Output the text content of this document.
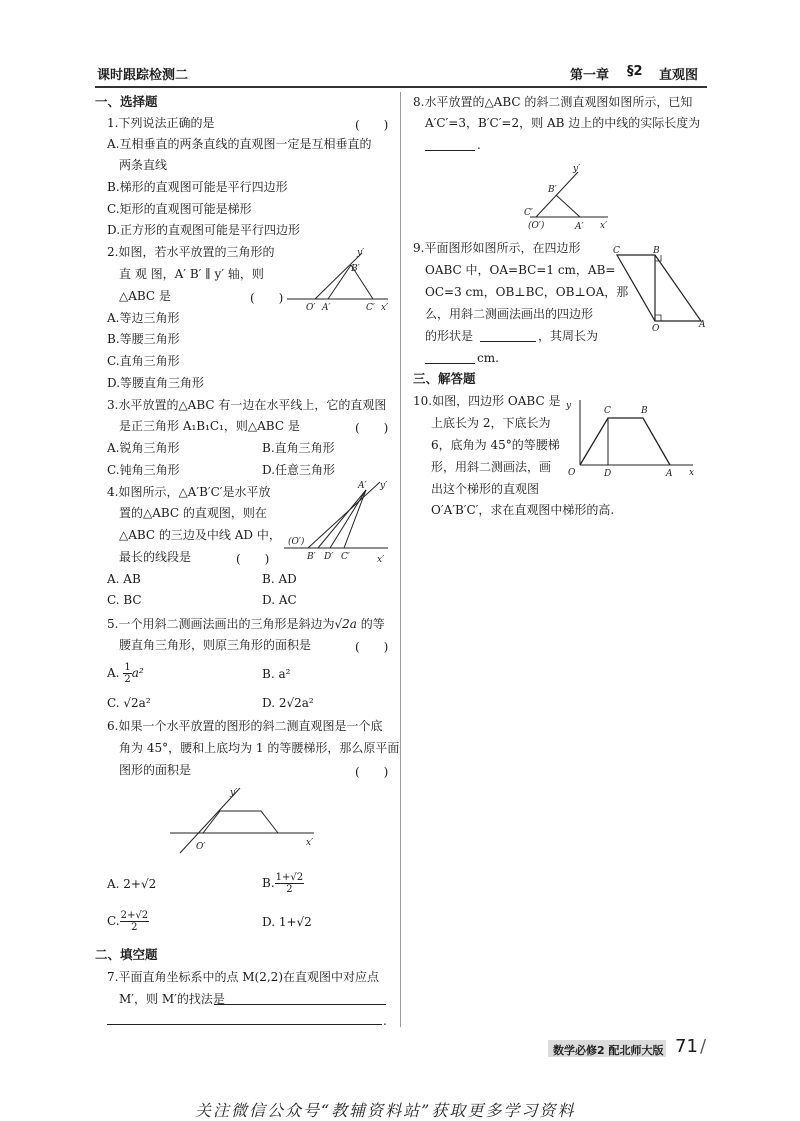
课时跟踪检测二	第一章 §2 直观图
一、选择题
1.下列说法正确的是	(　　)
A.互相垂直的两条直线的直观图一定是互相垂直的
两条直线
B.梯形的直观图可能是平行四边形
C.矩形的直观图可能是梯形
D.正方形的直观图可能是平行四边形
2.如图，若水平放置的三角形的
直 观 图，A′ B′ ∥ y′ 轴，则
△ABC 是	(　　)
A.等边三角形
B.等腰三角形
C.直角三角形
D.等腰直角三角形
y′
B′
O′ A′	C′ x′
3.水平放置的△ABC 有一边在水平线上，它的直观图
是正三角形 A₁B₁C₁，则△ABC 是	(　　)
A.锐角三角形	B.直角三角形
C.钝角三角形	D.任意三角形
4.如图所示，△A′B′C′是水平放
置的△ABC 的直观图，则在
△ABC 的三边及中线 AD 中，
最长的线段是	(　　)
A. AB	B. AD
C. BC	D. AC
A′ y′
(O′)
B′ D′ C′	x′
5.一个用斜二测画法画出的三角形是斜边为√2a 的等
腰直角三角形，则原三角形的面积是	(　　)
A. $\frac{1}{2} a^2$	B. a²
C. √2a²	D. 2√2a²
6.如果一个水平放置的图形的斜二测直观图是一个底
角为 45°，腰和上底均为 1 的等腰梯形，那么原平面
图形的面积是	(　　)
y′
O′	x′
A. 2+√2	B. $\frac{1+√2}{2}$
C. $\frac{2+√2}{2}$	D. 1+√2
二、填空题
7.平面直角坐标系中的点 M(2,2)在直观图中对应点
M′，则 M′的找法是
.
8.水平放置的△ABC 的斜二测直观图如图所示，已知
A′C′=3，B′C′=2，则 AB 边上的中线的实际长度为
.
y′
B′
C′
(O′)	A′ x′
9.平面图形如图所示，在四边形
OABC 中，OA=BC=1 cm，AB=
OC=3 cm，OB⊥BC，OB⊥OA，那
么，用斜二测画法画出的四边形
的形状是	，其周长为
cm.
C	B
O	A
三、解答题
10.如图，四边形 OABC 是
上底长为 2，下底长为
6，底角为 45°的等腰梯
形，用斜二测画法，画
出这个梯形的直观图
O′A′B′C′，求在直观图中梯形的高.
y	C	B
O	D	A x
数学必修2 配北师大版 71 /
关注微信公众号“教辅资料站”获取更多学习资料
